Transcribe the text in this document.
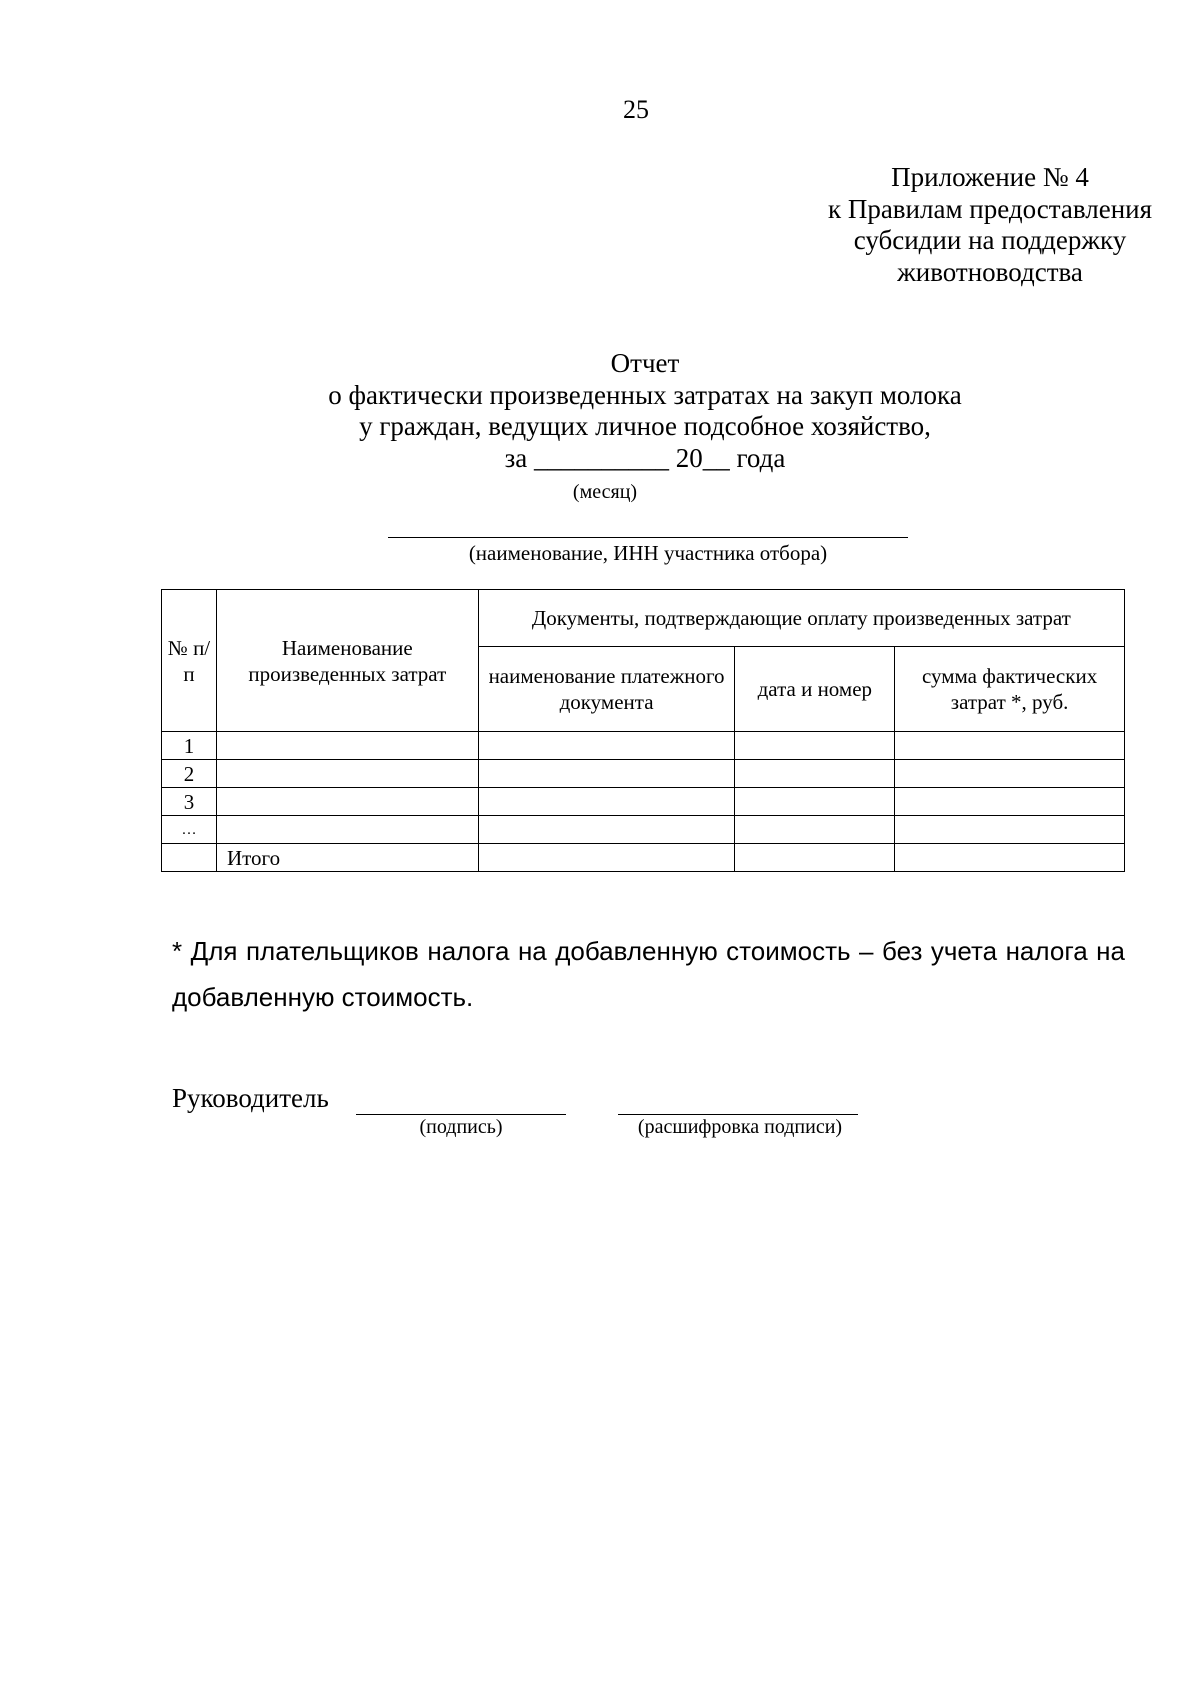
25
Приложение № 4
к Правилам предоставления
субсидии на поддержку
животноводства
Отчет
о фактически произведенных затратах на закуп молока
у граждан, ведущих личное подсобное хозяйство,
за __________ 20__ года
(месяц)
(наименование, ИНН участника отбора)
№ п/п	Наименование произведенных затрат	Документы, подтверждающие оплату произведенных затрат		
		наименование платежного документа	дата и номер	сумма фактических затрат *, руб.
1				
2				
3				
…				
	Итого			
* Для плательщиков налога на добавленную стоимость – без учета налога на добавленную стоимость.
Руководитель
(подпись)	(расшифровка подписи)
